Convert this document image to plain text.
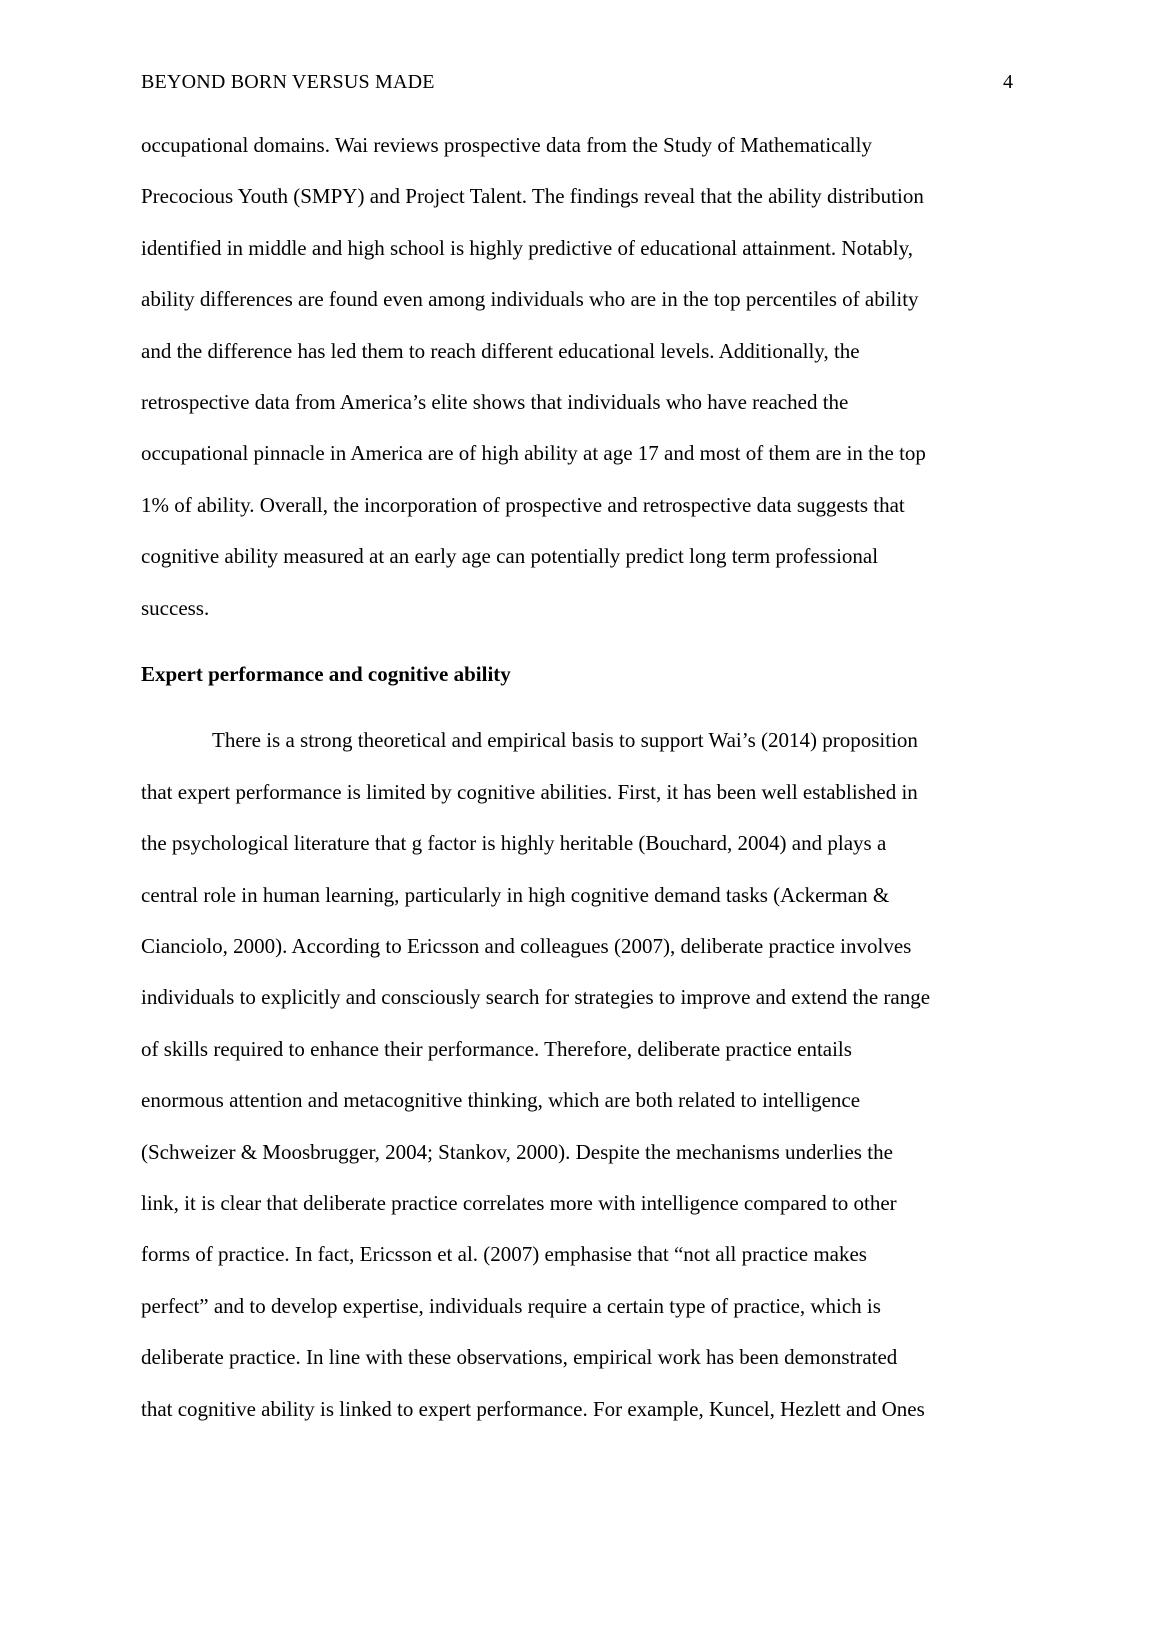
BEYOND BORN VERSUS MADE	4
occupational domains. Wai reviews prospective data from the Study of Mathematically
Precocious Youth (SMPY) and Project Talent. The findings reveal that the ability distribution
identified in middle and high school is highly predictive of educational attainment. Notably,
ability differences are found even among individuals who are in the top percentiles of ability
and the difference has led them to reach different educational levels. Additionally, the
retrospective data from America’s elite shows that individuals who have reached the
occupational pinnacle in America are of high ability at age 17 and most of them are in the top
1% of ability. Overall, the incorporation of prospective and retrospective data suggests that
cognitive ability measured at an early age can potentially predict long term professional
success.
Expert performance and cognitive ability
There is a strong theoretical and empirical basis to support Wai’s (2014) proposition
that expert performance is limited by cognitive abilities. First, it has been well established in
the psychological literature that g factor is highly heritable (Bouchard, 2004) and plays a
central role in human learning, particularly in high cognitive demand tasks (Ackerman &
Cianciolo, 2000). According to Ericsson and colleagues (2007), deliberate practice involves
individuals to explicitly and consciously search for strategies to improve and extend the range
of skills required to enhance their performance. Therefore, deliberate practice entails
enormous attention and metacognitive thinking, which are both related to intelligence
(Schweizer & Moosbrugger, 2004; Stankov, 2000). Despite the mechanisms underlies the
link, it is clear that deliberate practice correlates more with intelligence compared to other
forms of practice. In fact, Ericsson et al. (2007) emphasise that “not all practice makes
perfect” and to develop expertise, individuals require a certain type of practice, which is
deliberate practice. In line with these observations, empirical work has been demonstrated
that cognitive ability is linked to expert performance. For example, Kuncel, Hezlett and Ones
